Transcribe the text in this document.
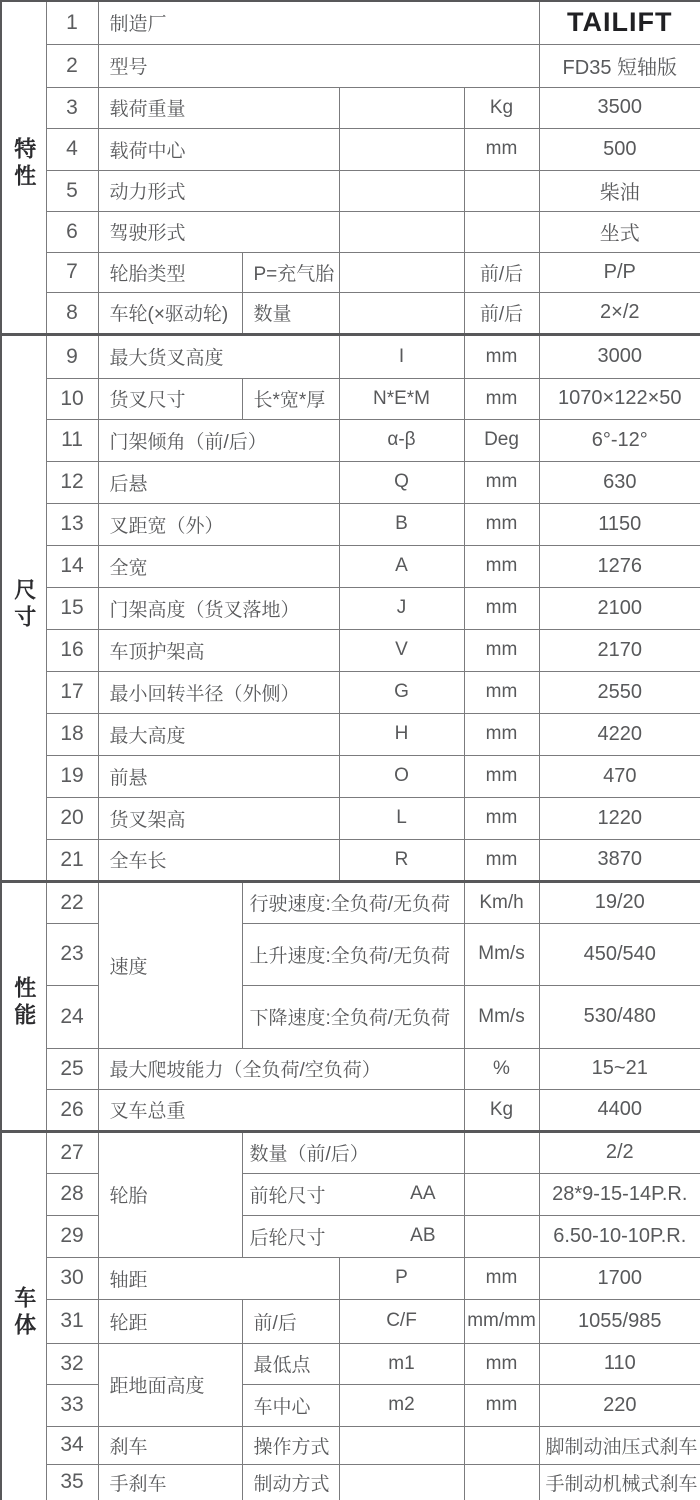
特性	1	制造厂				TAILIFT
	2	型号				FD35 短轴版
	3	载荷重量			Kg	3500
	4	载荷中心			mm	500
	5	动力形式				柴油
	6	驾驶形式				坐式
	7	轮胎类型	P=充气胎		前/后	P/P
	8	车轮(×驱动轮)	数量		前/后	2×/2
尺寸	9	最大货叉高度		I	mm	3000
	10	货叉尺寸	长*宽*厚	N*E*M	mm	1070×122×50
	11	门架倾角（前/后）		α-β	Deg	6°-12°
	12	后悬		Q	mm	630
	13	叉距宽（外）		B	mm	1150
	14	全宽		A	mm	1276
	15	门架高度（货叉落地）		J	mm	2100
	16	车顶护架高		V	mm	2170
	17	最小回转半径（外侧）		G	mm	2550
	18	最大高度		H	mm	4220
	19	前悬		O	mm	470
	20	货叉架高		L	mm	1220
	21	全车长		R	mm	3870
性能	22	速度	行驶速度:全负荷/无负荷		Km/h	19/20
	23		上升速度:全负荷/无负荷		Mm/s	450/540
	24		下降速度:全负荷/无负荷		Mm/s	530/480
	25	最大爬坡能力（全负荷/空负荷）			%	15~21
	26	叉车总重			Kg	4400
车体	27	轮胎	数量（前/后）			2/2
	28		前轮尺寸 AA			28*9-15-14P.R.
	29		后轮尺寸 AB			6.50-10-10P.R.
	30	轴距		P	mm	1700
	31	轮距	前/后	C/F	mm/mm	1055/985
	32	距地面高度	最低点	m1	mm	110
	33		车中心	m2	mm	220
	34	刹车	操作方式			脚制动油压式刹车
	35	手刹车	制动方式			手制动机械式刹车
